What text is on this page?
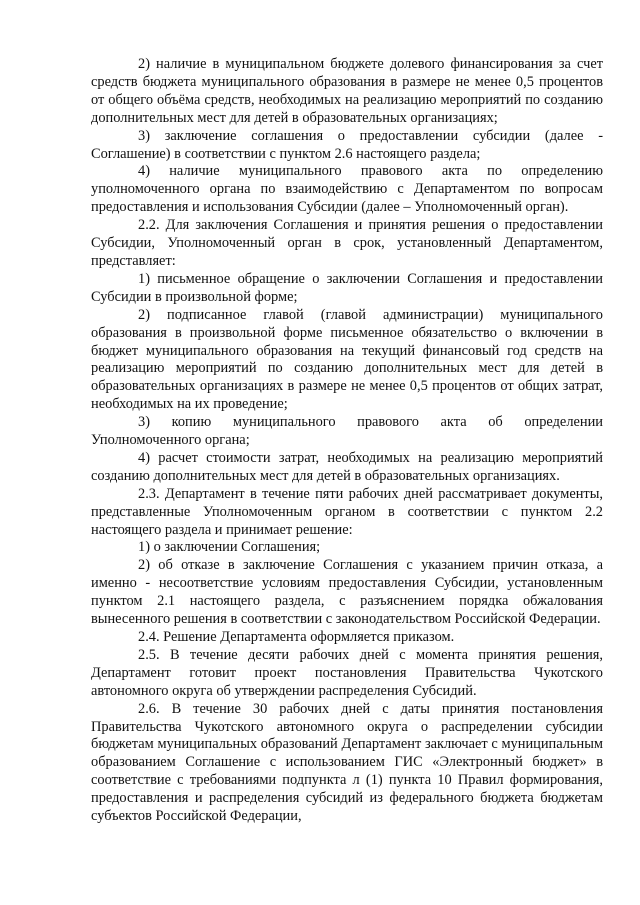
2) наличие в муниципальном бюджете долевого финансирования за счет средств бюджета муниципального образования в размере не менее 0,5 процентов от общего объёма средств, необходимых на реализацию мероприятий по созданию дополнительных мест для детей в образовательных организациях;

3) заключение соглашения о предоставлении субсидии (далее - Соглашение) в соответствии с пунктом 2.6 настоящего раздела;

4) наличие муниципального правового акта по определению уполномоченного органа по взаимодействию с Департаментом по вопросам предоставления и использования Субсидии (далее – Уполномоченный орган).

2.2. Для заключения Соглашения и принятия решения о предоставлении Субсидии, Уполномоченный орган в срок, установленный Департаментом, представляет:

1) письменное обращение о заключении Соглашения и предоставлении Субсидии в произвольной форме;

2) подписанное главой (главой администрации) муниципального образования в произвольной форме письменное обязательство о включении в бюджет муниципального образования на текущий финансовый год средств на реализацию мероприятий по созданию дополнительных мест для детей в образовательных организациях в размере не менее 0,5 процентов от общих затрат, необходимых на их проведение;

3) копию муниципального правового акта об определении Уполномоченного органа;

4) расчет стоимости затрат, необходимых на реализацию мероприятий созданию дополнительных мест для детей в образовательных организациях.

2.3. Департамент в течение пяти рабочих дней рассматривает документы, представленные Уполномоченным органом в соответствии с пунктом 2.2 настоящего раздела и принимает решение:

1) о заключении Соглашения;

2) об отказе в заключение Соглашения с указанием причин отказа, а именно - несоответствие условиям предоставления Субсидии, установленным пунктом 2.1 настоящего раздела, с разъяснением порядка обжалования вынесенного решения в соответствии с законодательством Российской Федерации.

2.4. Решение Департамента оформляется приказом.

2.5. В течение десяти рабочих дней с момента принятия решения, Департамент готовит проект постановления Правительства Чукотского автономного округа об утверждении распределения Субсидий.

2.6. В течение 30 рабочих дней с даты принятия постановления Правительства Чукотского автономного округа о распределении субсидии бюджетам муниципальных образований Департамент заключает с муниципальным образованием Соглашение с использованием ГИС «Электронный бюджет» в соответствие с требованиями подпункта л (1) пункта 10 Правил формирования, предоставления и распределения субсидий из федерального бюджета бюджетам субъектов Российской Федерации,
